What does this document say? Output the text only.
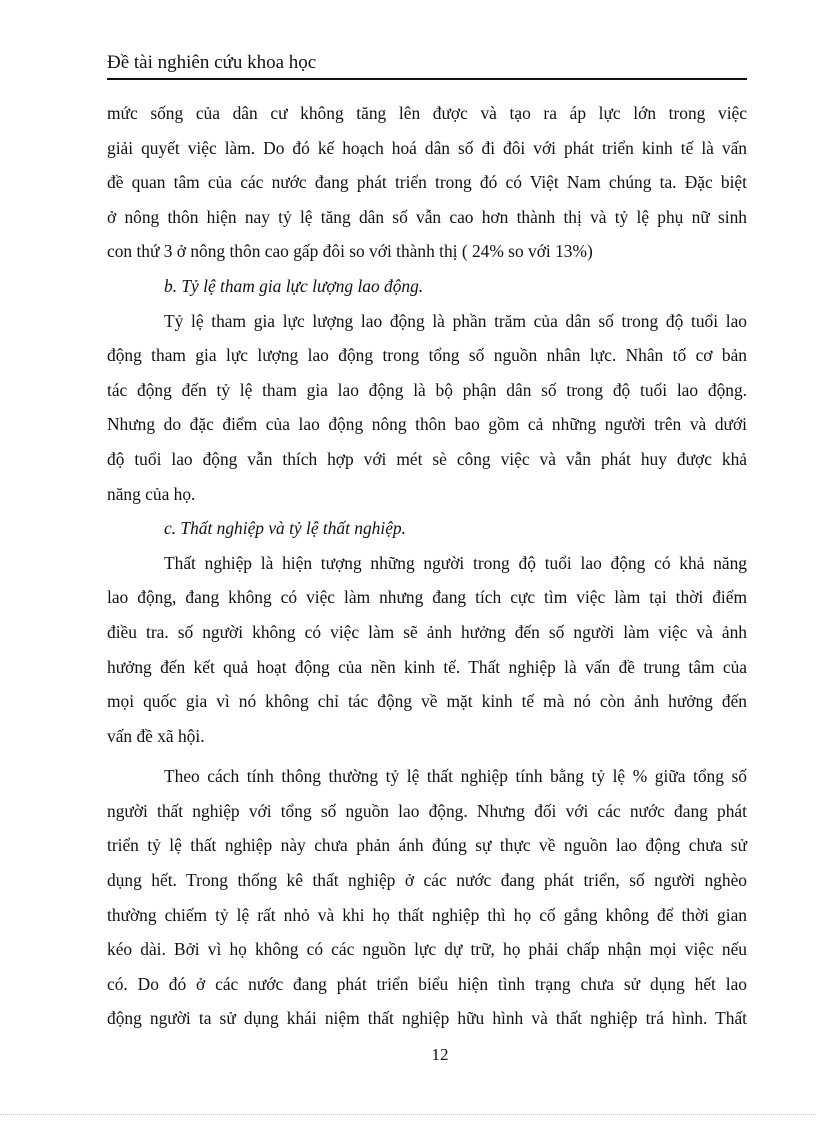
Đề tài nghiên cứu khoa học
mức sống của dân cư không tăng lên được và tạo ra áp lực lớn trong việc
giải quyết việc làm. Do đó kế hoạch hoá dân số đi đôi với phát triển kinh tế là vấn
đề quan tâm của các nước đang phát triển trong đó có Việt Nam chúng ta. Đặc biệt
ở nông thôn hiện nay tỷ lệ tăng dân số vẫn cao hơn thành thị và tỷ lệ phụ nữ sinh
con thứ 3 ở nông thôn cao gấp đôi so với thành thị ( 24% so với 13%)
b. Tỷ lệ tham gia lực lượng lao động.
Tỷ lệ tham gia lực lượng lao động là phần trăm của dân số trong độ tuổi lao
động tham gia lực lượng lao động trong tổng số nguồn nhân lực. Nhân tố cơ bản
tác động đến tỷ lệ tham gia lao động là bộ phận dân số trong độ tuổi lao động.
Nhưng do đặc điểm của lao động nông thôn bao gồm cả những người trên và dưới
độ tuổi lao động vẫn thích hợp với mét sè công việc và vẫn phát huy được khả
năng của họ.
c. Thất nghiệp và tỷ lệ thất nghiệp.
Thất nghiệp là hiện tượng những người trong độ tuổi lao động có khả năng
lao động, đang không có việc làm nhưng đang tích cực tìm việc làm tại thời điểm
điều tra. số người không có việc làm sẽ ảnh hưởng đến số người làm việc và ảnh
hưởng đến kết quả hoạt động của nền kinh tế. Thất nghiệp là vấn đề trung tâm của
mọi quốc gia vì nó không chỉ tác động về mặt kinh tế mà nó còn ảnh hưởng đến
vấn đề xã hội.
Theo cách tính thông thường tỷ lệ thất nghiệp tính bằng tỷ lệ % giữa tổng số
người thất nghiệp với tổng số nguồn lao động. Nhưng đối với các nước đang phát
triển tỷ lệ thất nghiệp này chưa phản ánh đúng sự thực về nguồn lao động chưa sử
dụng hết. Trong thống kê thất nghiệp ở các nước đang phát triển, số người nghèo
thường chiếm tỷ lệ rất nhỏ và khi họ thất nghiệp thì họ cố gắng không để thời gian
kéo dài. Bởi vì họ không có các nguồn lực dự trữ, họ phải chấp nhận mọi việc nếu
có. Do đó ở các nước đang phát triển biểu hiện tình trạng chưa sử dụng hết lao
động người ta sử dụng khái niệm thất nghiệp hữu hình và thất nghiệp trá hình. Thất
12
